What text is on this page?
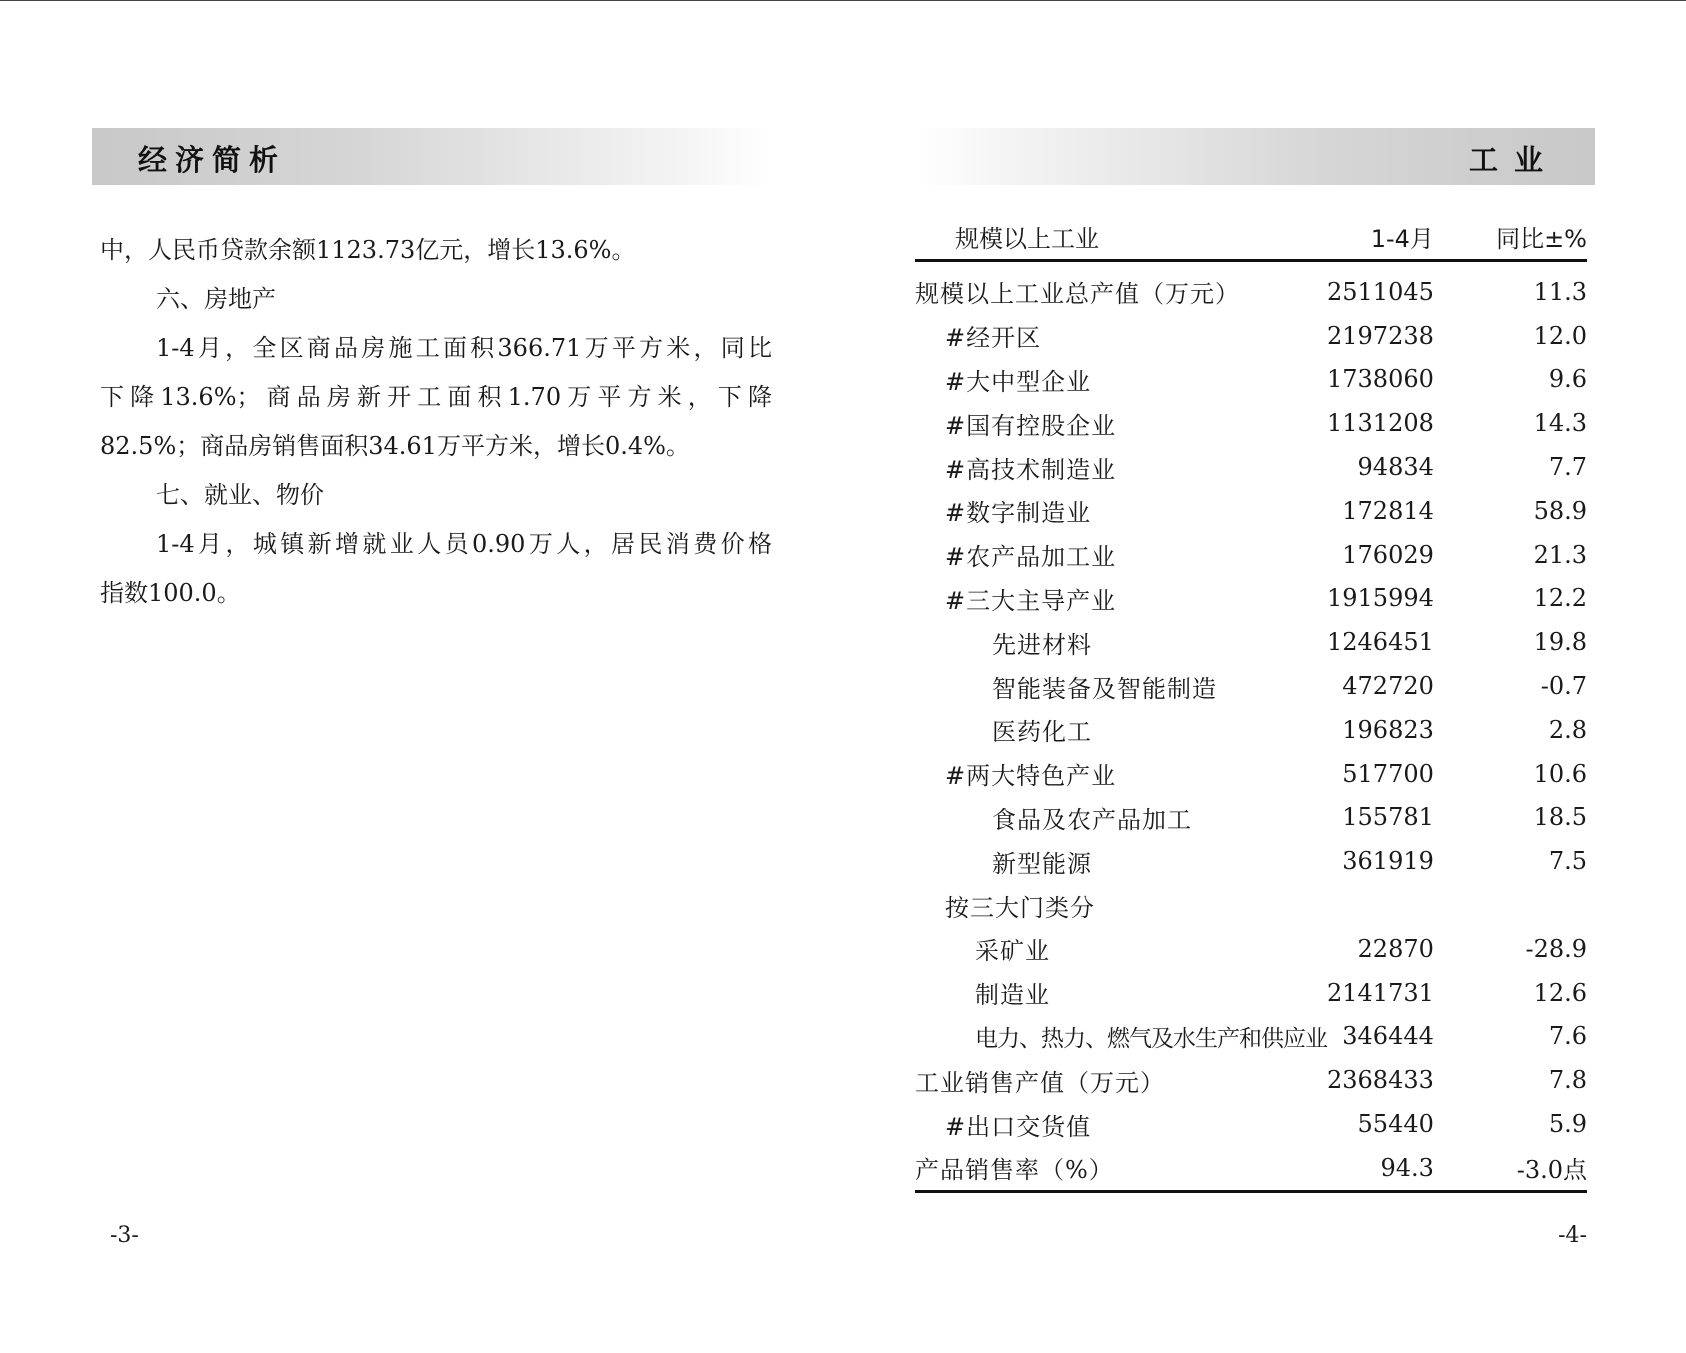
经济简析

中，人民币贷款余额1123.73亿元，增长13.6%。

六、房地产

1-4月，全区商品房施工面积366.71万平方米，同比

下降13.6%；商品房新开工面积1.70万平方米，下降

82.5%；商品房销售面积34.61万平方米，增长0.4%。

七、就业、物价

1-4月，城镇新增就业人员0.90万人，居民消费价格

指数100.0。

-3-
工业
规模以上工业	1-4月	同比±%
规模以上工业总产值（万元）	2511045	11.3
#经开区	2197238	12.0
#大中型企业	1738060	9.6
#国有控股企业	1131208	14.3
#高技术制造业	94834	7.7
#数字制造业	172814	58.9
#农产品加工业	176029	21.3
#三大主导产业	1915994	12.2
先进材料	1246451	19.8
智能装备及智能制造	472720	-0.7
医药化工	196823	2.8
#两大特色产业	517700	10.6
食品及农产品加工	155781	18.5
新型能源	361919	7.5
按三大门类分		
采矿业	22870	-28.9
制造业	2141731	12.6
电力、热力、燃气及水生产和供应业	346444	7.6
工业销售产值（万元）	2368433	7.8
#出口交货值	55440	5.9
产品销售率（%）	94.3	-3.0点
-4-
